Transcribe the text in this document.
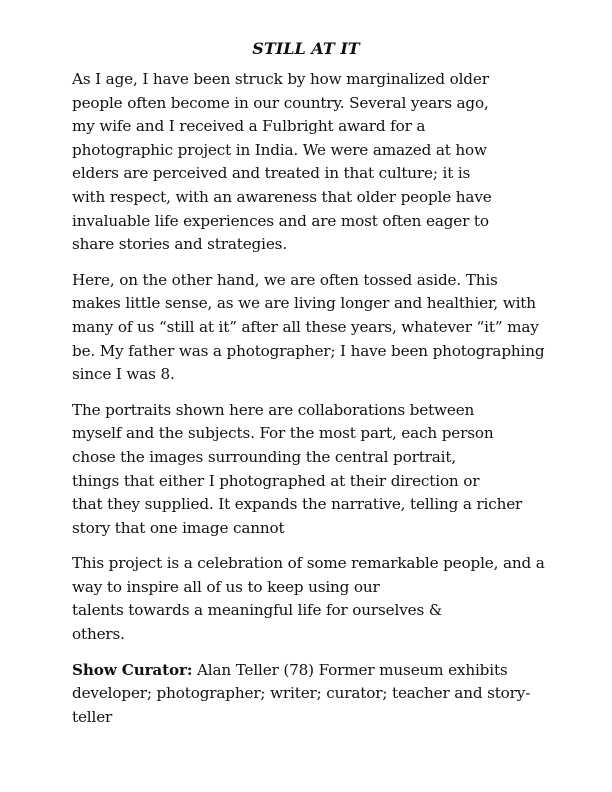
STILL AT IT
As I age, I have been struck by how marginalized older
people often become in our country. Several years ago,
my wife and I received a Fulbright award for a
photographic project in India. We were amazed at how
elders are perceived and treated in that culture; it is
with respect, with an awareness that older people have
invaluable life experiences and are most often eager to
share stories and strategies.
Here, on the other hand, we are often tossed aside. This
makes little sense, as we are living longer and healthier, with
many of us “still at it” after all these years, whatever “it” may
be. My father was a photographer; I have been photographing
since I was 8.
The portraits shown here are collaborations between
myself and the subjects. For the most part, each person
chose the images surrounding the central portrait,
things that either I photographed at their direction or
that they supplied. It expands the narrative, telling a richer
story that one image cannot
This project is a celebration of some remarkable people, and a
way to inspire all of us to keep using our
talents towards a meaningful life for ourselves &
others.
Show Curator: Alan Teller (78) Former museum exhibits
developer; photographer; writer; curator; teacher and story-
teller
